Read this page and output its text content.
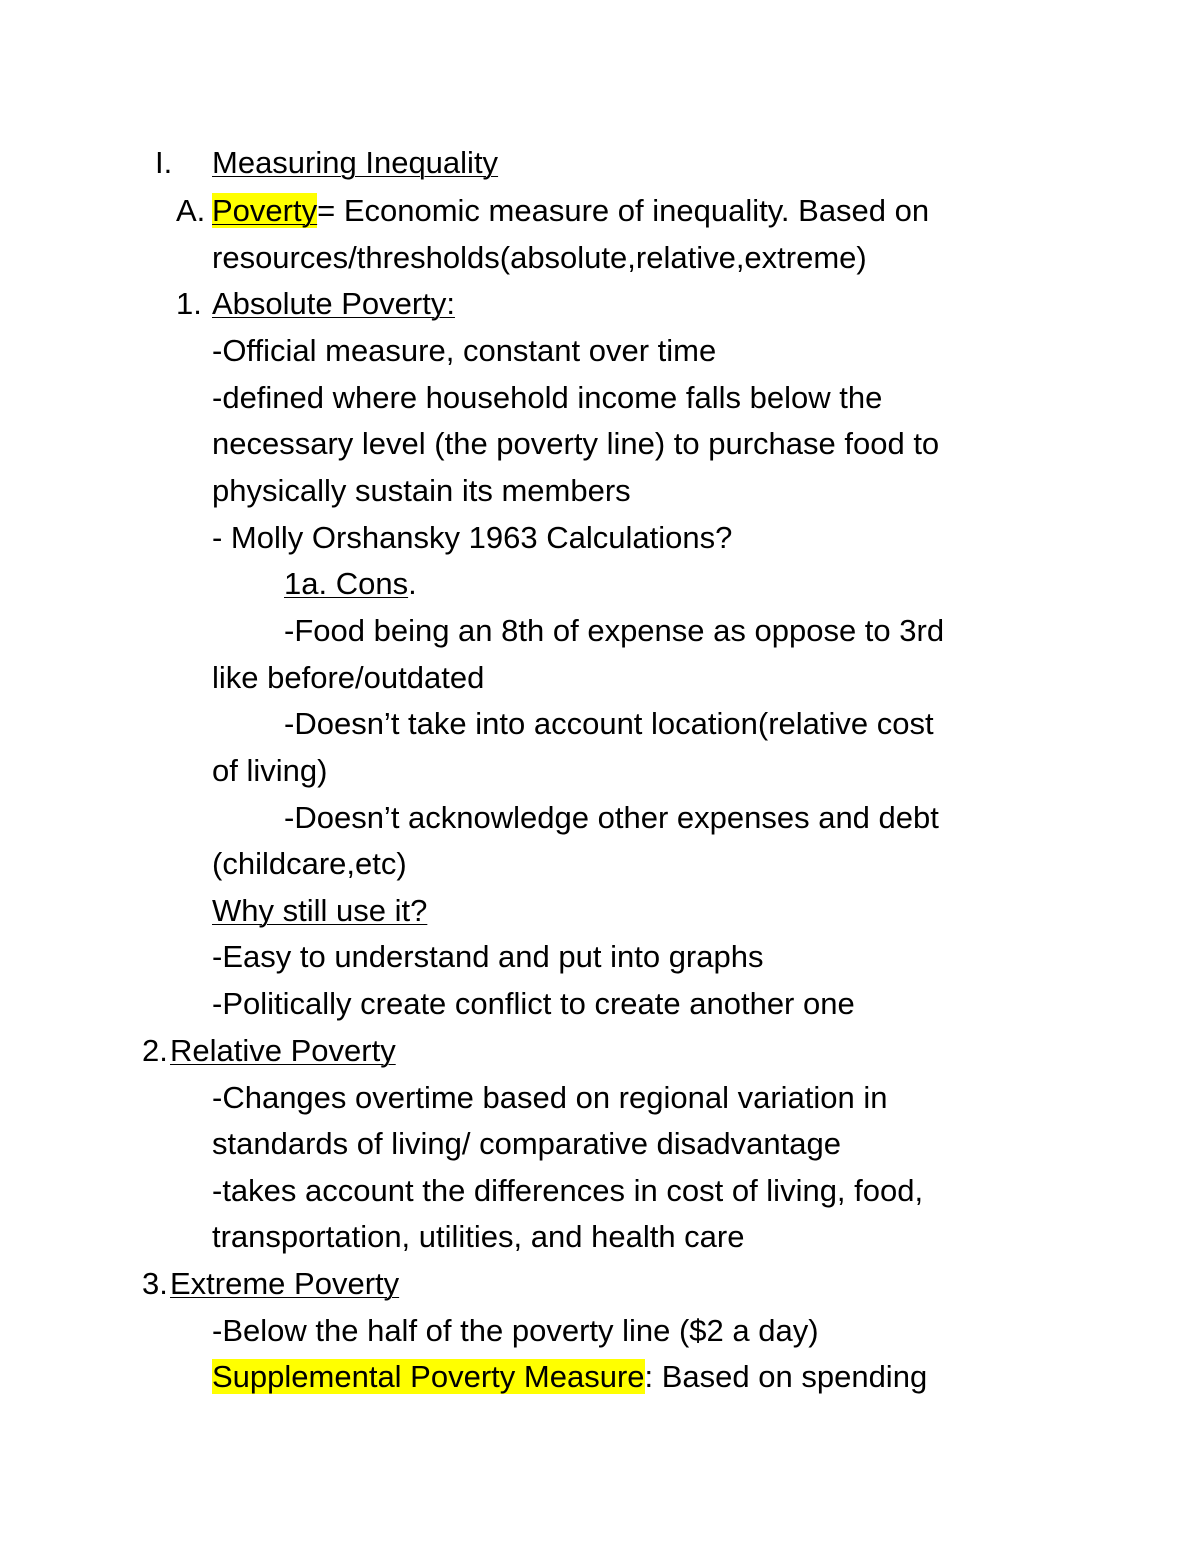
I. Measuring Inequality
A. Poverty= Economic measure of inequality. Based on
resources/thresholds(absolute,relative,extreme)
1. Absolute Poverty:
-Official measure, constant over time
-defined where household income falls below the
necessary level (the poverty line) to purchase food to
physically sustain its members
- Molly Orshansky 1963 Calculations?
1a. Cons.
-Food being an 8th of expense as oppose to 3rd
like before/outdated
-Doesn’t take into account location(relative cost
of living)
-Doesn’t acknowledge other expenses and debt
(childcare,etc)
Why still use it?
-Easy to understand and put into graphs
-Politically create conflict to create another one
2. Relative Poverty
-Changes overtime based on regional variation in
standards of living/ comparative disadvantage
-takes account the differences in cost of living, food,
transportation, utilities, and health care
3. Extreme Poverty
-Below the half of the poverty line ($2 a day)
Supplemental Poverty Measure: Based on spending
